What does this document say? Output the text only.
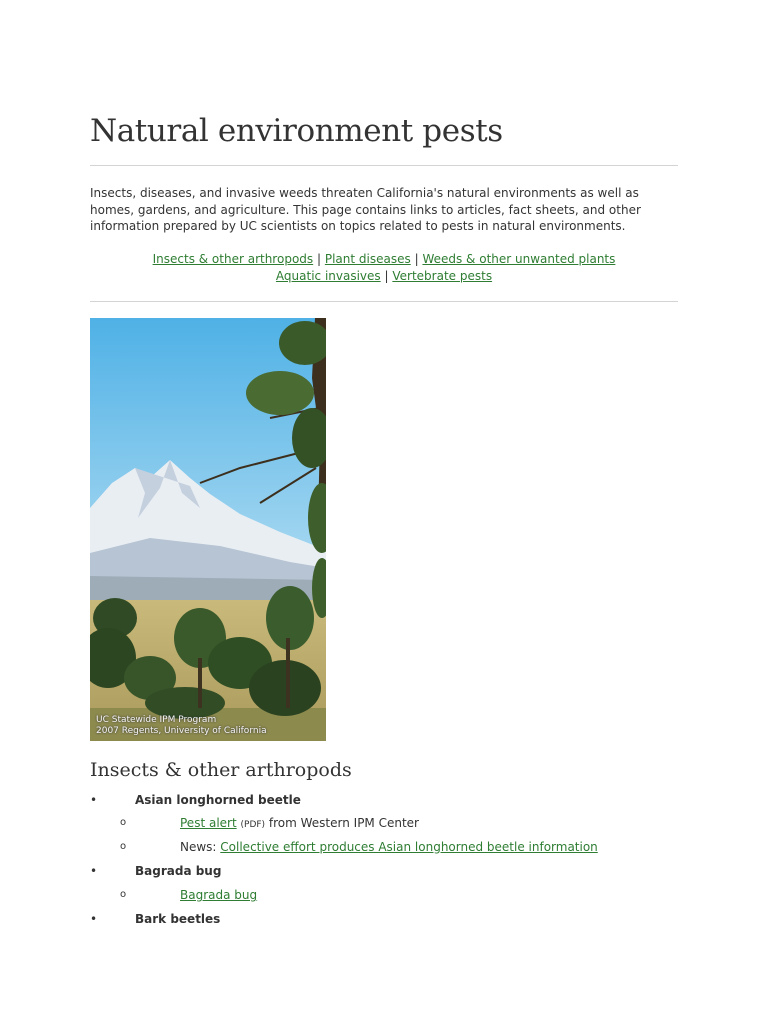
Natural environment pests

Insects, diseases, and invasive weeds threaten California's natural environments as well as homes, gardens, and agriculture. This page contains links to articles, fact sheets, and other information prepared by UC scientists on topics related to pests in natural environments.

Insects & other arthropods | Plant diseases | Weeds & other unwanted plants
Aquatic invasives | Vertebrate pests
UC Statewide IPM Program
2007 Regents, University of California
Insects & other arthropods
•	Asian longhorned beetle
o	Pest alert (PDF) from Western IPM Center
o	News: Collective effort produces Asian longhorned beetle information
•	Bagrada bug
o	Bagrada bug
•	Bark beetles
